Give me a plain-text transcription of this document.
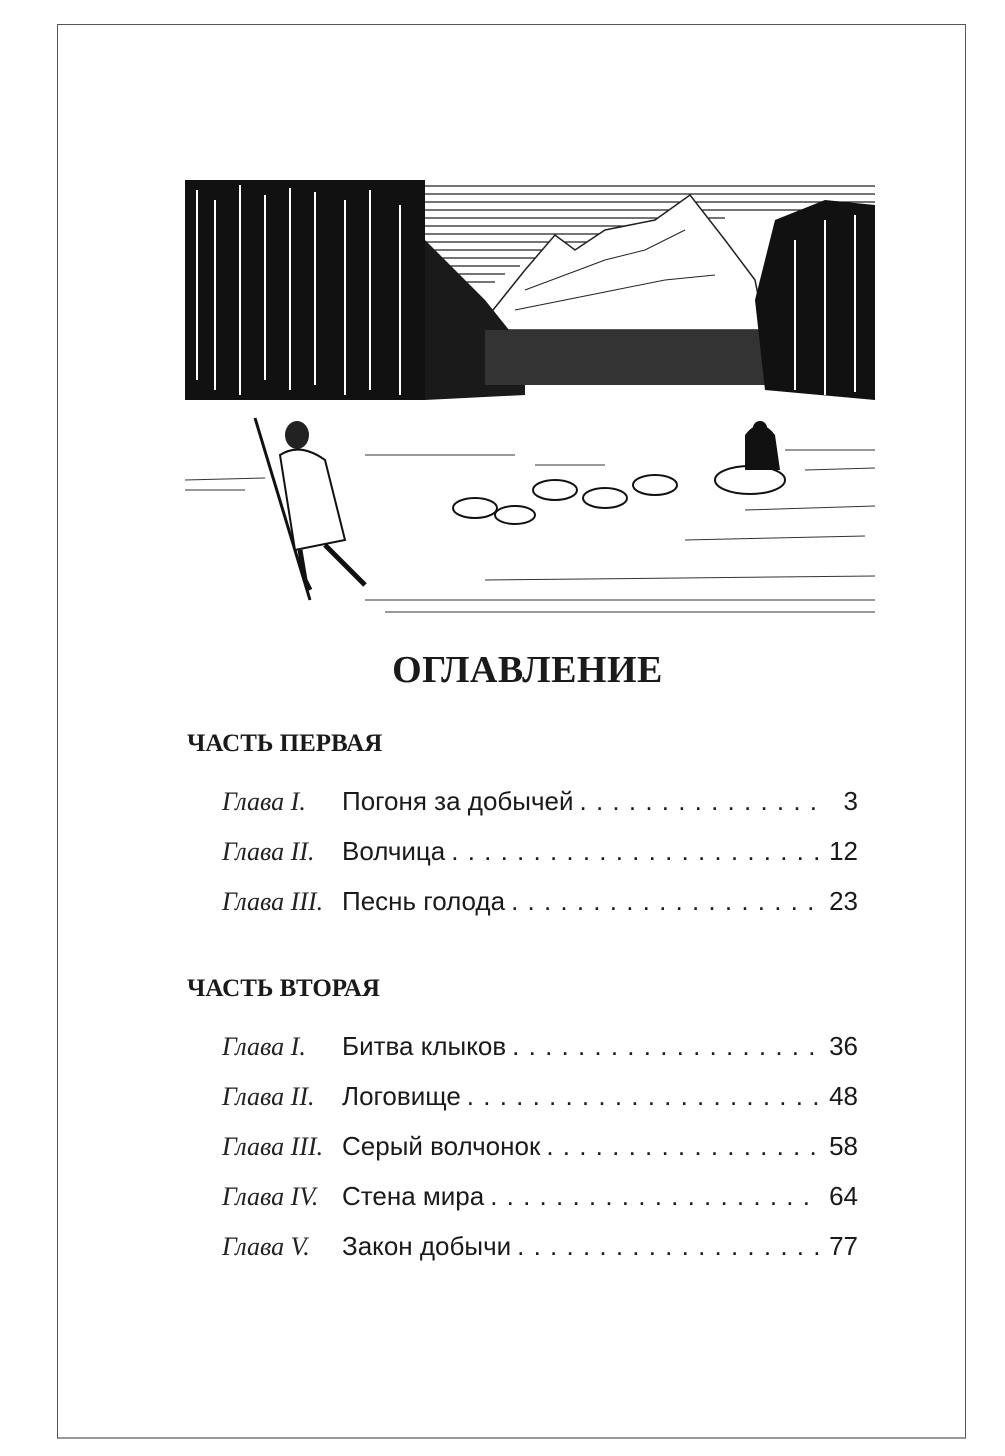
ОГЛАВЛЕНИЕ
ЧАСТЬ ПЕРВАЯ
Глава I.	Погоня за добычей . . .	3
Глава II.	Волчица . . .	12
Глава III. Песнь голода . . .	23
ЧАСТЬ ВТОРАЯ
Глава I.	Битва клыков . . .	36
Глава II.	Логовище . . .	48
Глава III. Серый волчонок . . .	58
Глава IV. Стена мира . . .	64
Глава V.	Закон добычи . . .	77
